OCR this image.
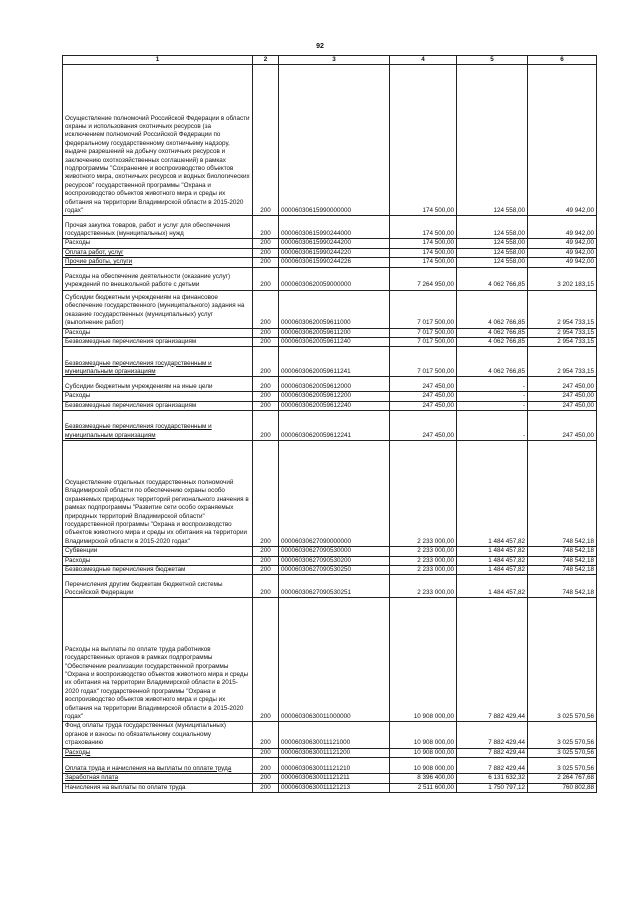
92
1	2	3	4	5	6
Осуществление полномочий Российской Федерации в области охраны и использования охотничьих ресурсов (за исключением полномочий Российской Федерации по федеральному государственному охотничьему надзору, выдаче разрешений на добычу охотничьих ресурсов и заключению охотхозяйственных соглашений) в рамках подпрограммы "Сохранение и воспроизводство объектов животного мира, охотничьих ресурсов и водных биологических ресурсов" государственной программы "Охрана и воспроизводство объектов животного мира и среды их обитания на территории Владимирской области в 2015-2020 годах"	200	00006030615990000000	174 500,00	124 558,00	49 942,00
Прочая закупка товаров, работ и услуг для обеспечения государственных (муниципальных) нужд	200	00006030615990244000	174 500,00	124 558,00	49 942,00
Расходы	200	00006030615990244200	174 500,00	124 558,00	49 942,00
Оплата работ, услуг	200	00006030615990244220	174 500,00	124 558,00	49 942,00
Прочие работы, услуги	200	00006030615990244226	174 500,00	124 558,00	49 942,00
Расходы на обеспечение деятельности (оказание услуг) учреждений по внешкольной работе с детьми	200	00006030620059000000	7 264 950,00	4 062 766,85	3 202 183,15
Субсидии бюджетным учреждениям на финансовое обеспечение государственного (муниципального) задания на оказание государственных (муниципальных) услуг (выполнение работ)	200	00006030620059611000	7 017 500,00	4 062 766,85	2 954 733,15
Расходы	200	00006030620059611200	7 017 500,00	4 062 766,85	2 954 733,15
Безвозмездные перечисления организациям	200	00006030620059611240	7 017 500,00	4 062 766,85	2 954 733,15
Безвозмездные перечисления государственным и муниципальным организациям	200	00006030620059611241	7 017 500,00	4 062 766,85	2 954 733,15
Субсидии бюджетным учреждениям на иные цели	200	00006030620059612000	247 450,00	-	247 450,00
Расходы	200	00006030620059612200	247 450,00	-	247 450,00
Безвозмездные перечисления организациям	200	00006030620059612240	247 450,00	-	247 450,00
Безвозмездные перечисления государственным и муниципальным организациям	200	00006030620059612241	247 450,00	-	247 450,00
Осуществление отдельных государственных полномочий Владимирской области по обеспечению охраны особо охраняемых природных территорий регионального значения в рамках подпрограммы "Развитие сети особо охраняемых природных территорий Владимирской области" государственной программы "Охрана и воспроизводство объектов животного мира и среды их обитания на территории Владимирской области в 2015-2020 годах"	200	00006030627090000000	2 233 000,00	1 484 457,82	748 542,18
Субвенции	200	00006030627090530000	2 233 000,00	1 484 457,82	748 542,18
Расходы	200	00006030627090530200	2 233 000,00	1 484 457,82	748 542,18
Безвозмездные перечисления бюджетам	200	00006030627090530250	2 233 000,00	1 484 457,82	748 542,18
Перечисления другим бюджетам бюджетной системы Российской Федерации	200	00006030627090530251	2 233 000,00	1 484 457,82	748 542,18
Расходы на выплаты по оплате труда работников государственных органов в рамках подпрограммы "Обеспечение реализации государственной программы "Охрана и воспроизводство объектов животного мира и среды их обитания на территории Владимирской области в 2015-2020 годах" государственной программы "Охрана и воспроизводство объектов животного мира и среды их обитания на территории Владимирской области в 2015-2020 годах"	200	00006030630011000000	10 908 000,00	7 882 429,44	3 025 570,56
Фонд оплаты труда государственных (муниципальных) органов и взносы по обязательному социальному страхованию	200	00006030630011121000	10 908 000,00	7 882 429,44	3 025 570,56
Расходы	200	00006030630011121200	10 908 000,00	7 882 429,44	3 025 570,56
Оплата труда и начисления на выплаты по оплате труда	200	00006030630011121210	10 908 000,00	7 882 429,44	3 025 570,56
Заработная плата	200	00006030630011121211	8 396 400,00	6 131 632,32	2 264 767,68
Начисления на выплаты по оплате труда	200	00006030630011121213	2 511 600,00	1 750 797,12	760 802,88
